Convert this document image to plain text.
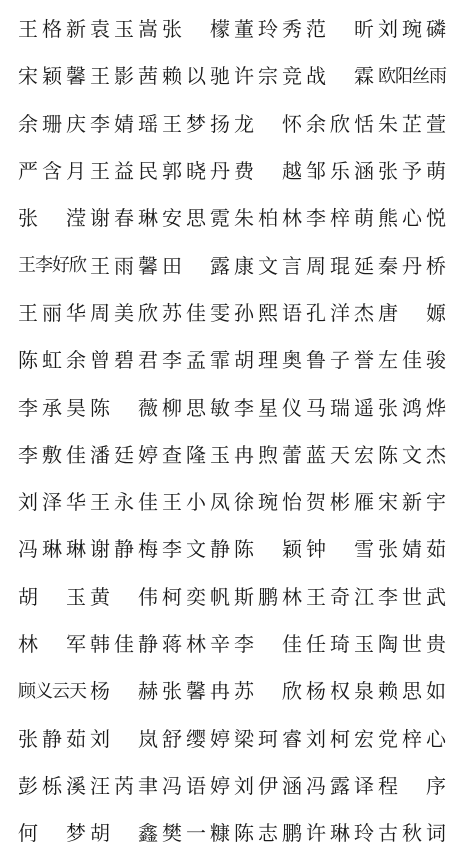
王 格 新 袁 玉 嵩 张 檬 董 玲 秀 范 昕 刘 琬 磷
宋 颖 馨 王 影 茜 赖 以 驰 许 宗 竞 战 霖 欧 阳 丝 雨
余 珊 庆 李 婧 瑶 王 梦 扬 龙 怀 余 欣 恬 朱 芷 萱
严 含 月 王 益 民 郭 晓 丹 费 越 邹 乐 涵 张 予 萌
张 滢 谢 春 琳 安 思 霓 朱 柏 林 李 梓 萌 熊 心 悦
王 李 好 欣 王 雨 馨 田 露 康 文 言 周 琨 延 秦 丹 桥
王 丽 华 周 美 欣 苏 佳 雯 孙 熙 语 孔 洋 杰 唐 嫄
陈 虹 余 曾 碧 君 李 孟 霏 胡 理 奥 鲁 子 誉 左 佳 骏
李 承 昊 陈 薇 柳 思 敏 李 星 仪 马 瑞 遥 张 鸿 烨
李 敷 佳 潘 廷 婷 查 隆 玉 冉 煦 蕾 蓝 天 宏 陈 文 杰
刘 泽 华 王 永 佳 王 小 凤 徐 琬 怡 贺 彬 雁 宋 新 宇
冯 琳 琳 谢 静 梅 李 文 静 陈 颖 钟 雪 张 婧 茹
胡 玉 黄 伟 柯 奕 帆 斯 鹏 林 王 奇 江 李 世 武
林 军 韩 佳 静 蒋 林 辛 李 佳 任 琦 玉 陶 世 贵
顾 义 云 天 杨 赫 张 馨 冉 苏 欣 杨 权 泉 赖 思 如
张 静 茹 刘 岚 舒 缨 婷 梁 珂 睿 刘 柯 宏 党 梓 心
彭 栎 溪 汪 芮 聿 冯 语 婷 刘 伊 涵 冯 露 译 程 序
何 梦 胡 鑫 樊 一 糠 陈 志 鹏 许 琳 玲 古 秋 词
